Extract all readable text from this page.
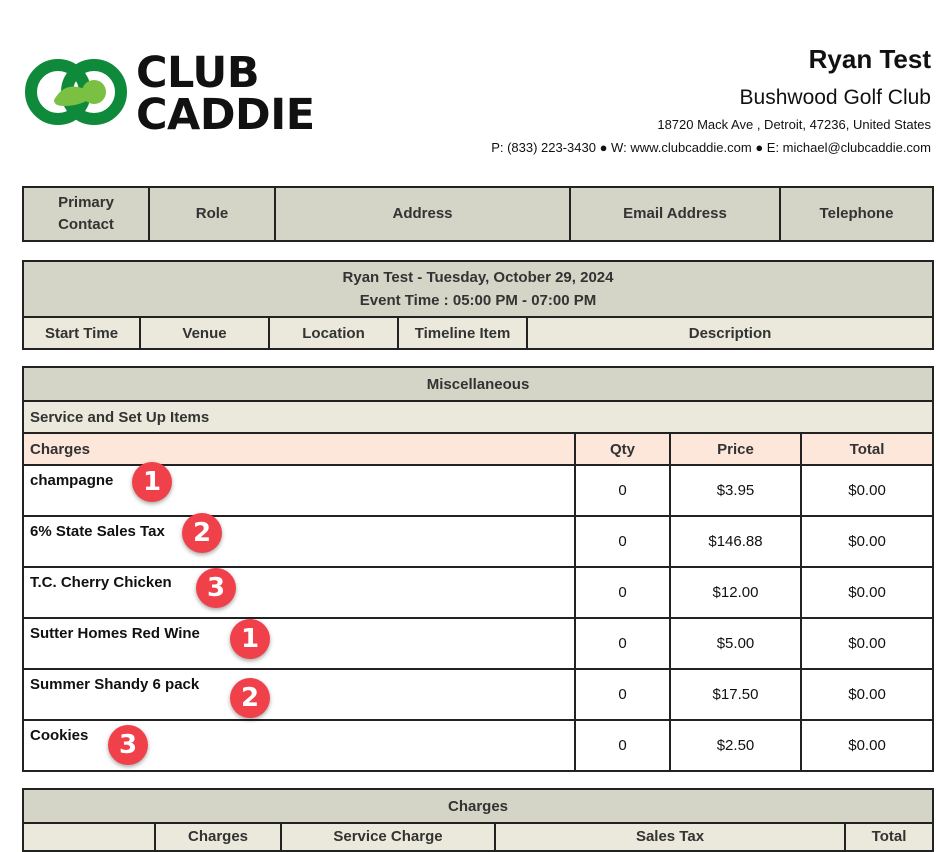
CLUB
CADDIE
Ryan Test
Bushwood Golf Club
18720 Mack Ave , Detroit, 47236, United States
P: (833) 223-3430 ● W: www.clubcaddie.com ● E: michael@clubcaddie.com
Primary Contact	Role	Address	Email Address	Telephone
Ryan Test - Tuesday, October 29, 2024
Event Time : 05:00 PM - 07:00 PM

Start Time	Venue	Location	Timeline Item	Description
Miscellaneous			
Service and Set Up Items			
Charges	Qty	Price	Total
champagne 1	0	$3.95	$0.00
6% State Sales Tax 2	0	$146.88	$0.00
T.C. Cherry Chicken 3	0	$12.00	$0.00
Sutter Homes Red Wine 1	0	$5.00	$0.00
Summer Shandy 6 pack 2	0	$17.50	$0.00
Cookies 3	0	$2.50	$0.00
Charges
	Charges	Service Charge	Sales Tax	Total
